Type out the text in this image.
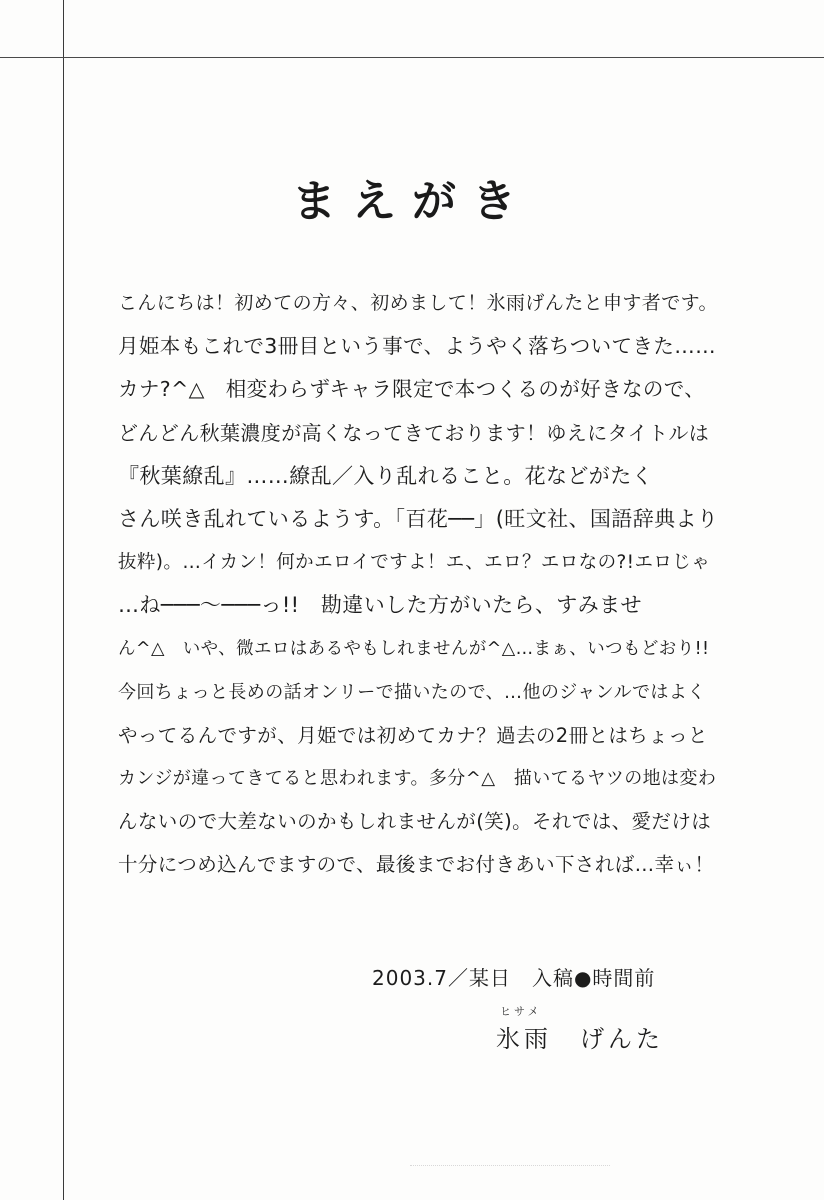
まえがき
こんにちは！初めての方々、初めまして！氷雨げんたと申す者です。
月姫本もこれで3冊目という事で、ようやく落ちついてきた……
カナ?^△　相変わらずキャラ限定で本つくるのが好きなので、
どんどん秋葉濃度が高くなってきております！ゆえにタイトルは
『秋葉繚乱』……繚乱／入り乱れること。花などがたく
さん咲き乱れているようす。「百花──」(旺文社、国語辞典より
抜粋)。…イカン！何かエロイですよ！エ、エロ？エロなの?!エロじゃ
…ね───～───っ!!　勘違いした方がいたら、すみませ
ん^△　いや、微エロはあるやもしれませんが^△…まぁ、いつもどおり!!
今回ちょっと長めの話オンリーで描いたので、…他のジャンルではよく
やってるんですが、月姫では初めてカナ？過去の2冊とはちょっと
カンジが違ってきてると思われます。多分^△　描いてるヤツの地は変わ
んないので大差ないのかもしれませんが(笑)。それでは、愛だけは
十分につめ込んでますので、最後までお付きあい下されば…幸ぃ！
2003.7／某日　入稿●時間前
ヒサメ
氷雨　げんた
